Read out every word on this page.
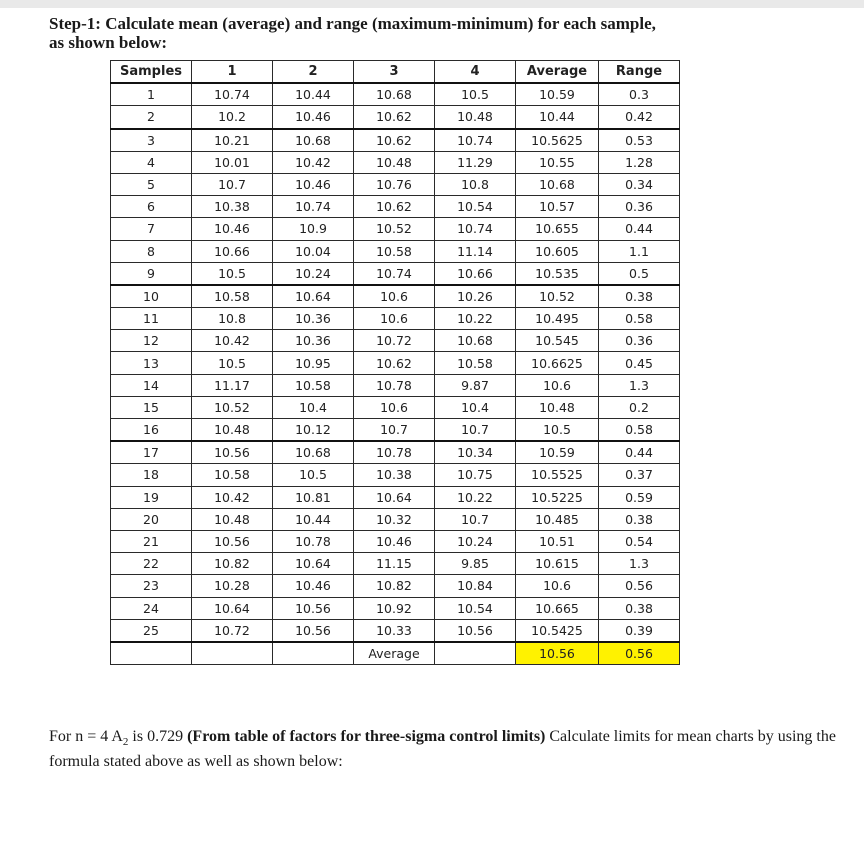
Step-1: Calculate mean (average) and range (maximum-minimum) for each sample,
as shown below:
Samples	1	2	3	4	Average	Range
1	10.74	10.44	10.68	10.5	10.59	0.3
2	10.2	10.46	10.62	10.48	10.44	0.42
3	10.21	10.68	10.62	10.74	10.5625	0.53
4	10.01	10.42	10.48	11.29	10.55	1.28
5	10.7	10.46	10.76	10.8	10.68	0.34
6	10.38	10.74	10.62	10.54	10.57	0.36
7	10.46	10.9	10.52	10.74	10.655	0.44
8	10.66	10.04	10.58	11.14	10.605	1.1
9	10.5	10.24	10.74	10.66	10.535	0.5
10	10.58	10.64	10.6	10.26	10.52	0.38
11	10.8	10.36	10.6	10.22	10.495	0.58
12	10.42	10.36	10.72	10.68	10.545	0.36
13	10.5	10.95	10.62	10.58	10.6625	0.45
14	11.17	10.58	10.78	9.87	10.6	1.3
15	10.52	10.4	10.6	10.4	10.48	0.2
16	10.48	10.12	10.7	10.7	10.5	0.58
17	10.56	10.68	10.78	10.34	10.59	0.44
18	10.58	10.5	10.38	10.75	10.5525	0.37
19	10.42	10.81	10.64	10.22	10.5225	0.59
20	10.48	10.44	10.32	10.7	10.485	0.38
21	10.56	10.78	10.46	10.24	10.51	0.54
22	10.82	10.64	11.15	9.85	10.615	1.3
23	10.28	10.46	10.82	10.84	10.6	0.56
24	10.64	10.56	10.92	10.54	10.665	0.38
25	10.72	10.56	10.33	10.56	10.5425	0.39
			Average		10.56	0.56
For n = 4 $A_2$ is 0.729 (From table of factors for three-sigma control limits) Calculate limits for mean charts by using the formula stated above as well as shown below:
